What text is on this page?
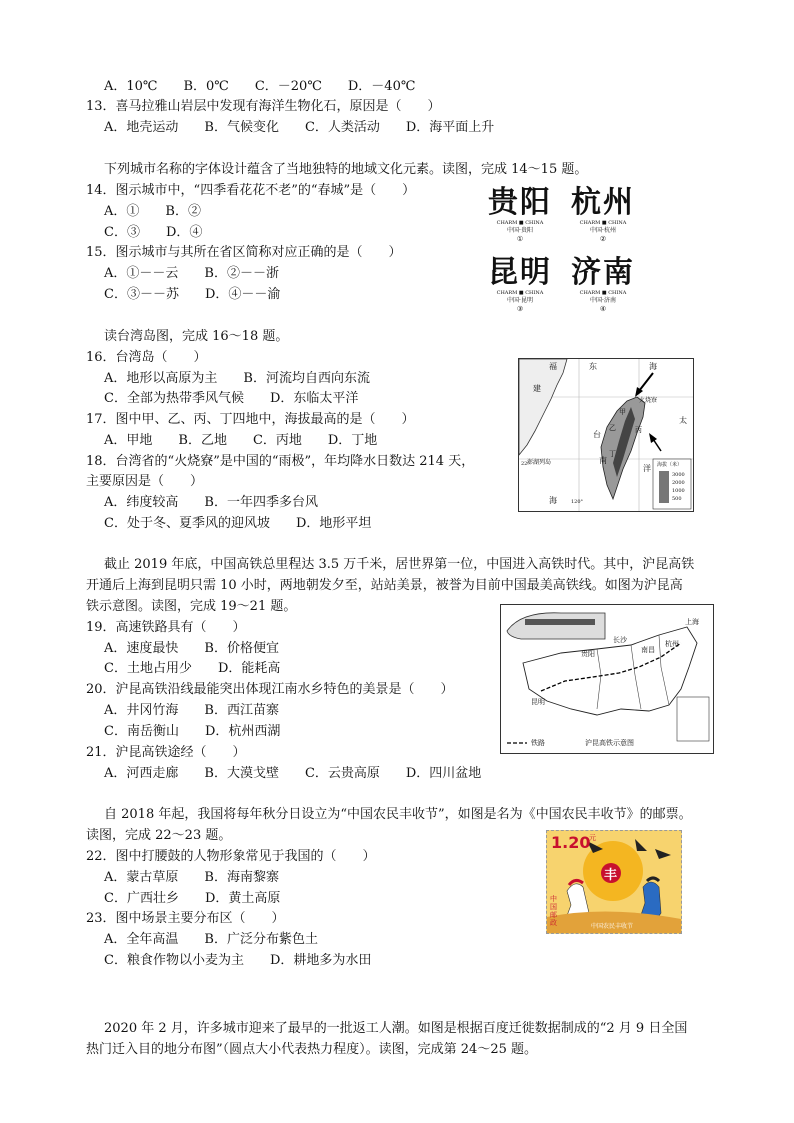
A．10℃　　B．0℃　　C．－20℃　　D．－40℃
13．喜马拉雅山岩层中发现有海洋生物化石，原因是（　　）
A．地壳运动　　B．气候变化　　C．人类活动　　D．海平面上升
下列城市名称的字体设计蕴含了当地独特的地域文化元素。读图，完成 14～15 题。
14．图示城市中，“四季看花花不老”的“春城”是（　　）
A．①　　B．②
C．③　　D．④
15．图示城市与其所在省区简称对应正确的是（　　）
A．①－－云　　B．②－－浙
C．③－－苏　　D．④－－渝
贵阳
CHARM ■ CHINA
中国·贵阳
①
杭州
CHARM ■ CHINA
中国·杭州
②
昆明
CHARM ■ CHINA
中国·昆明
③
济南
CHARM ■ CHINA
中国·济南
④
读台湾岛图，完成 16～18 题。
16．台湾岛（　　）
A．地形以高原为主　　B．河流均自西向东流
C．全部为热带季风气候　　D．东临太平洋
17．图中甲、乙、丙、丁四地中，海拔最高的是（　　）
A．甲地　　B．乙地　　C．丙地　　D．丁地
18．台湾省的“火烧寮”是中国的“雨极”，年均降水日数达 214 天，
主要原因是（　　）
A．纬度较高　　B．一年四季多台风
C．处于冬、夏季风的迎风坡　　D．地形平坦
福	东	海
建
火烧寮
甲
乙	丙
丁
台
南
澎湖列岛
太
洋
海	120°
22°	海拔（米）
3000
2000
1000
500
截止 2019 年底，中国高铁总里程达 3.5 万千米，居世界第一位，中国进入高铁时代。其中，沪昆高铁
开通后上海到昆明只需 10 小时，两地朝发夕至，站站美景，被誉为目前中国最美高铁线。如图为沪昆高
铁示意图。读图，完成 19～21 题。
19．高速铁路具有（　　）
A．速度最快　　B．价格便宜
C．土地占用少　　D．能耗高
20．沪昆高铁沿线最能突出体现江南水乡特色的美景是（　　）
A．井冈竹海　　B．西江苗寨
C．南岳衡山　　D．杭州西湖
21．沪昆高铁途经（　　）
A．河西走廊　　B．大漠戈壁　　C．云贵高原　　D．四川盆地
上海
杭州
南昌
长沙
贵阳
昆明
铁路	沪昆高铁示意图
自 2018 年起，我国将每年秋分日设立为“中国农民丰收节”，如图是名为《中国农民丰收节》的邮票。
读图，完成 22～23 题。
22．图中打腰鼓的人物形象常见于我国的（　　）
A．蒙古草原　　B．海南黎寨
C．广西壮乡　　D．黄土高原
23．图中场景主要分布区（　　）
A．全年高温　　B．广泛分布紫色土
C．粮食作物以小麦为主　　D．耕地多为水田
1.20
元
丰
中国邮政	中国农民丰收节
2020 年 2 月，许多城市迎来了最早的一批返工人潮。如图是根据百度迁徙数据制成的“2 月 9 日全国
热门迁入目的地分布图”（圆点大小代表热力程度）。读图，完成第 24～25 题。
